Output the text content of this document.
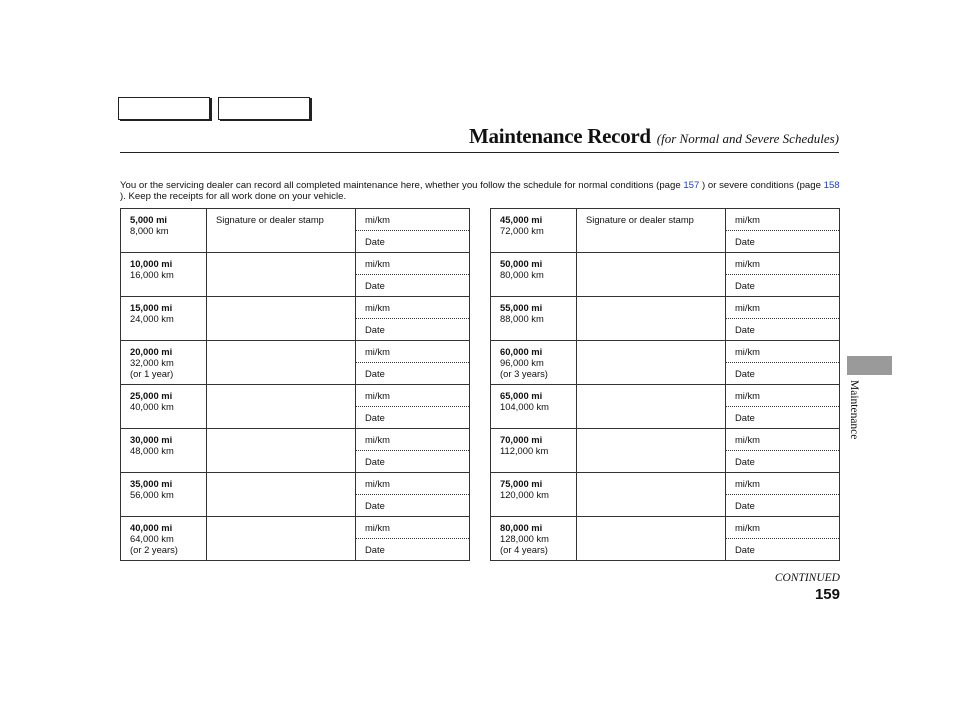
Maintenance Record (for Normal and Severe Schedules)
You or the servicing dealer can record all completed maintenance here, whether you follow the schedule for normal conditions (page 157 ) or severe conditions (page 158 ). Keep the receipts for all work done on your vehicle.
5,000 mi
8,000 km	Signature or dealer stamp	mi/km
		Date

10,000 mi
16,000 km		mi/km
		Date

15,000 mi
24,000 km		mi/km
		Date

20,000 mi
32,000 km
(or 1 year)		mi/km
		Date

25,000 mi
40,000 km		mi/km
		Date

30,000 mi
48,000 km		mi/km
		Date

35,000 mi
56,000 km		mi/km
		Date

40,000 mi
64,000 km
(or 2 years)		mi/km
		Date
45,000 mi
72,000 km	Signature or dealer stamp	mi/km
		Date

50,000 mi
80,000 km		mi/km
		Date

55,000 mi
88,000 km		mi/km
		Date

60,000 mi
96,000 km
(or 3 years)		mi/km
		Date

65,000 mi
104,000 km		mi/km
		Date

70,000 mi
112,000 km		mi/km
		Date

75,000 mi
120,000 km		mi/km
		Date

80,000 mi
128,000 km
(or 4 years)		mi/km
		Date
Maintenance
CONTINUED
159
